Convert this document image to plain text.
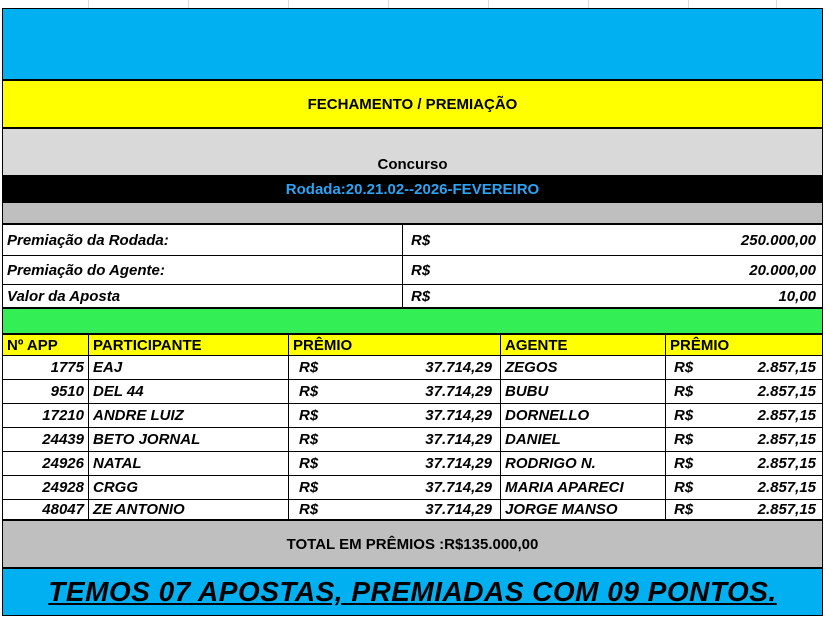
FECHAMENTO / PREMIAÇÃO
Concurso
Rodada:20.21.02--2026-FEVEREIRO
Premiação da Rodada:	R$	250.000,00
Premiação do Agente:	R$	20.000,00
Valor da Aposta	R$	10,00
Nº APP	PARTICIPANTE	PRÊMIO	AGENTE	PRÊMIO
1775 EAJ	R$	37.714,29 ZEGOS	R$	2.857,15
9510 DEL 44	R$	37.714,29 BUBU	R$	2.857,15
17210 ANDRE LUIZ	R$	37.714,29 DORNELLO	R$	2.857,15
24439 BETO JORNAL	R$	37.714,29 DANIEL	R$	2.857,15
24926 NATAL	R$	37.714,29 RODRIGO N.	R$	2.857,15
24928 CRGG	R$	37.714,29 MARIA APARECI	R$	2.857,15
48047 ZE ANTONIO	R$	37.714,29 JORGE MANSO	R$	2.857,15
TOTAL EM PRÊMIOS :R$135.000,00
TEMOS 07 APOSTAS, PREMIADAS COM 09 PONTOS.
